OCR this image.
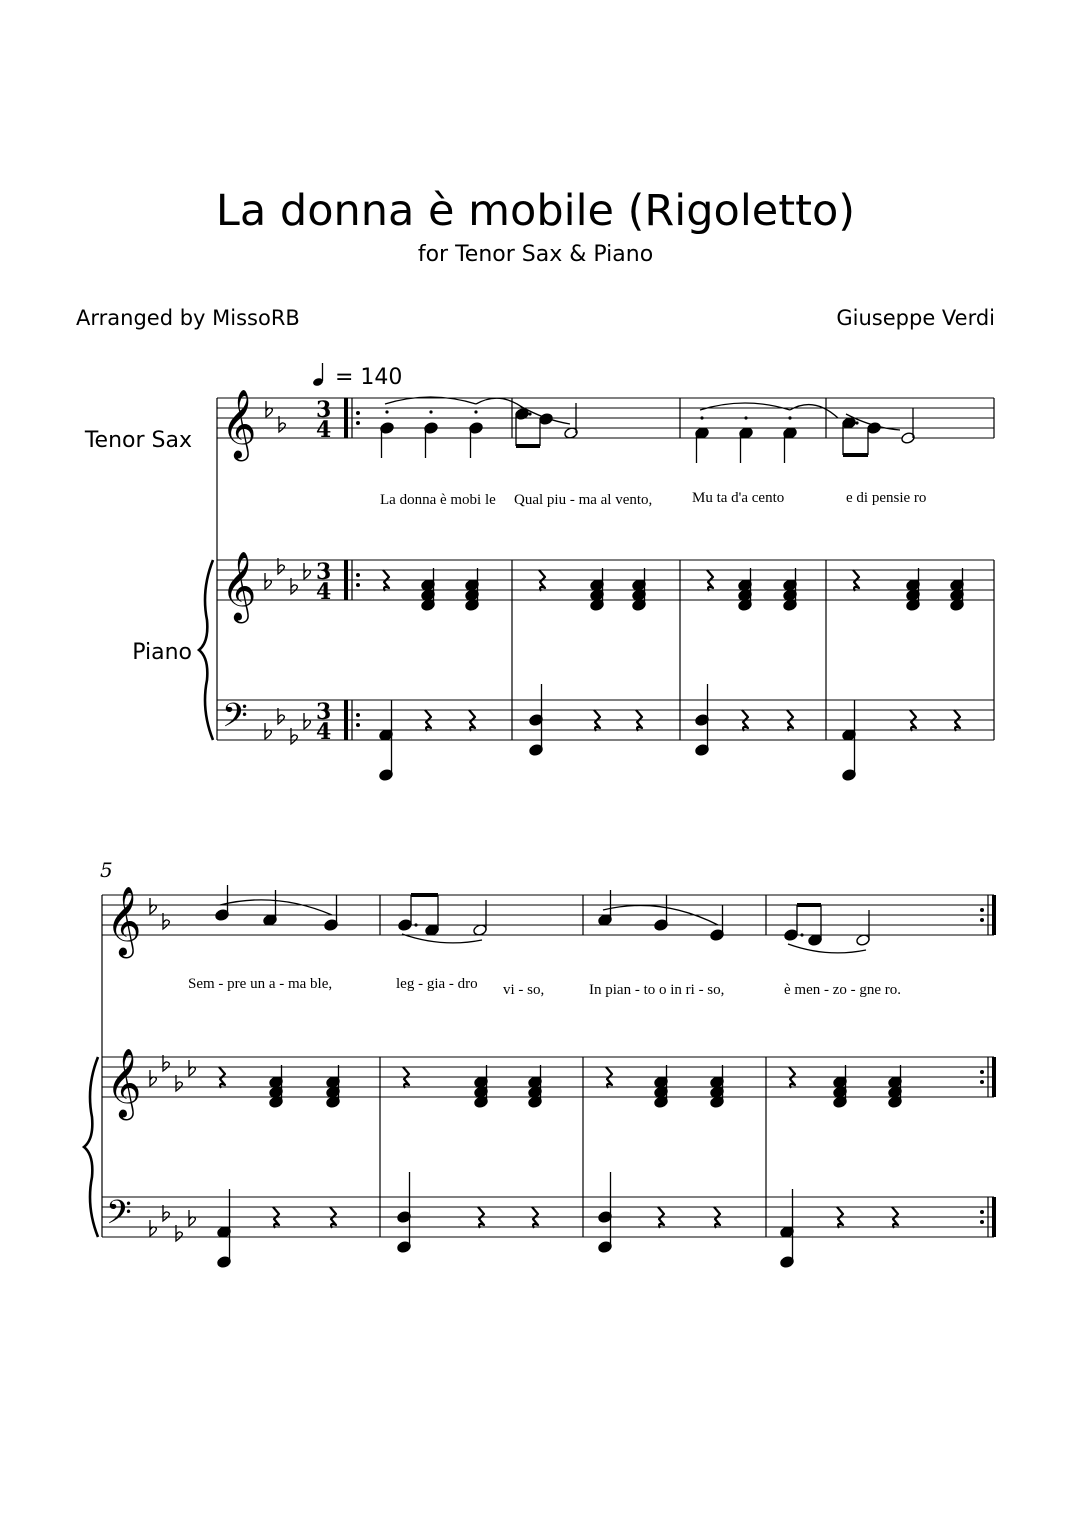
La donna è mobile (Rigoletto)
for Tenor Sax & Piano
Arranged by MissoRB	Giuseppe Verdi
= 140
Tenor Sax
Piano
5
La donna è mobi le Qual piu ‑ ma al vento,	Mu ta d'a cento	e di pensie ro
Sem ‑ pre un a ‑ ma ble,	leg ‑ gia ‑ dro vi ‑ so,	In pian ‑ to o in ri ‑ so,	è men ‑ zo ‑ gne ro.
𝄞
𝄞
𝄢
3
4
3
4
3
4
𝄞
𝄞
𝄢
